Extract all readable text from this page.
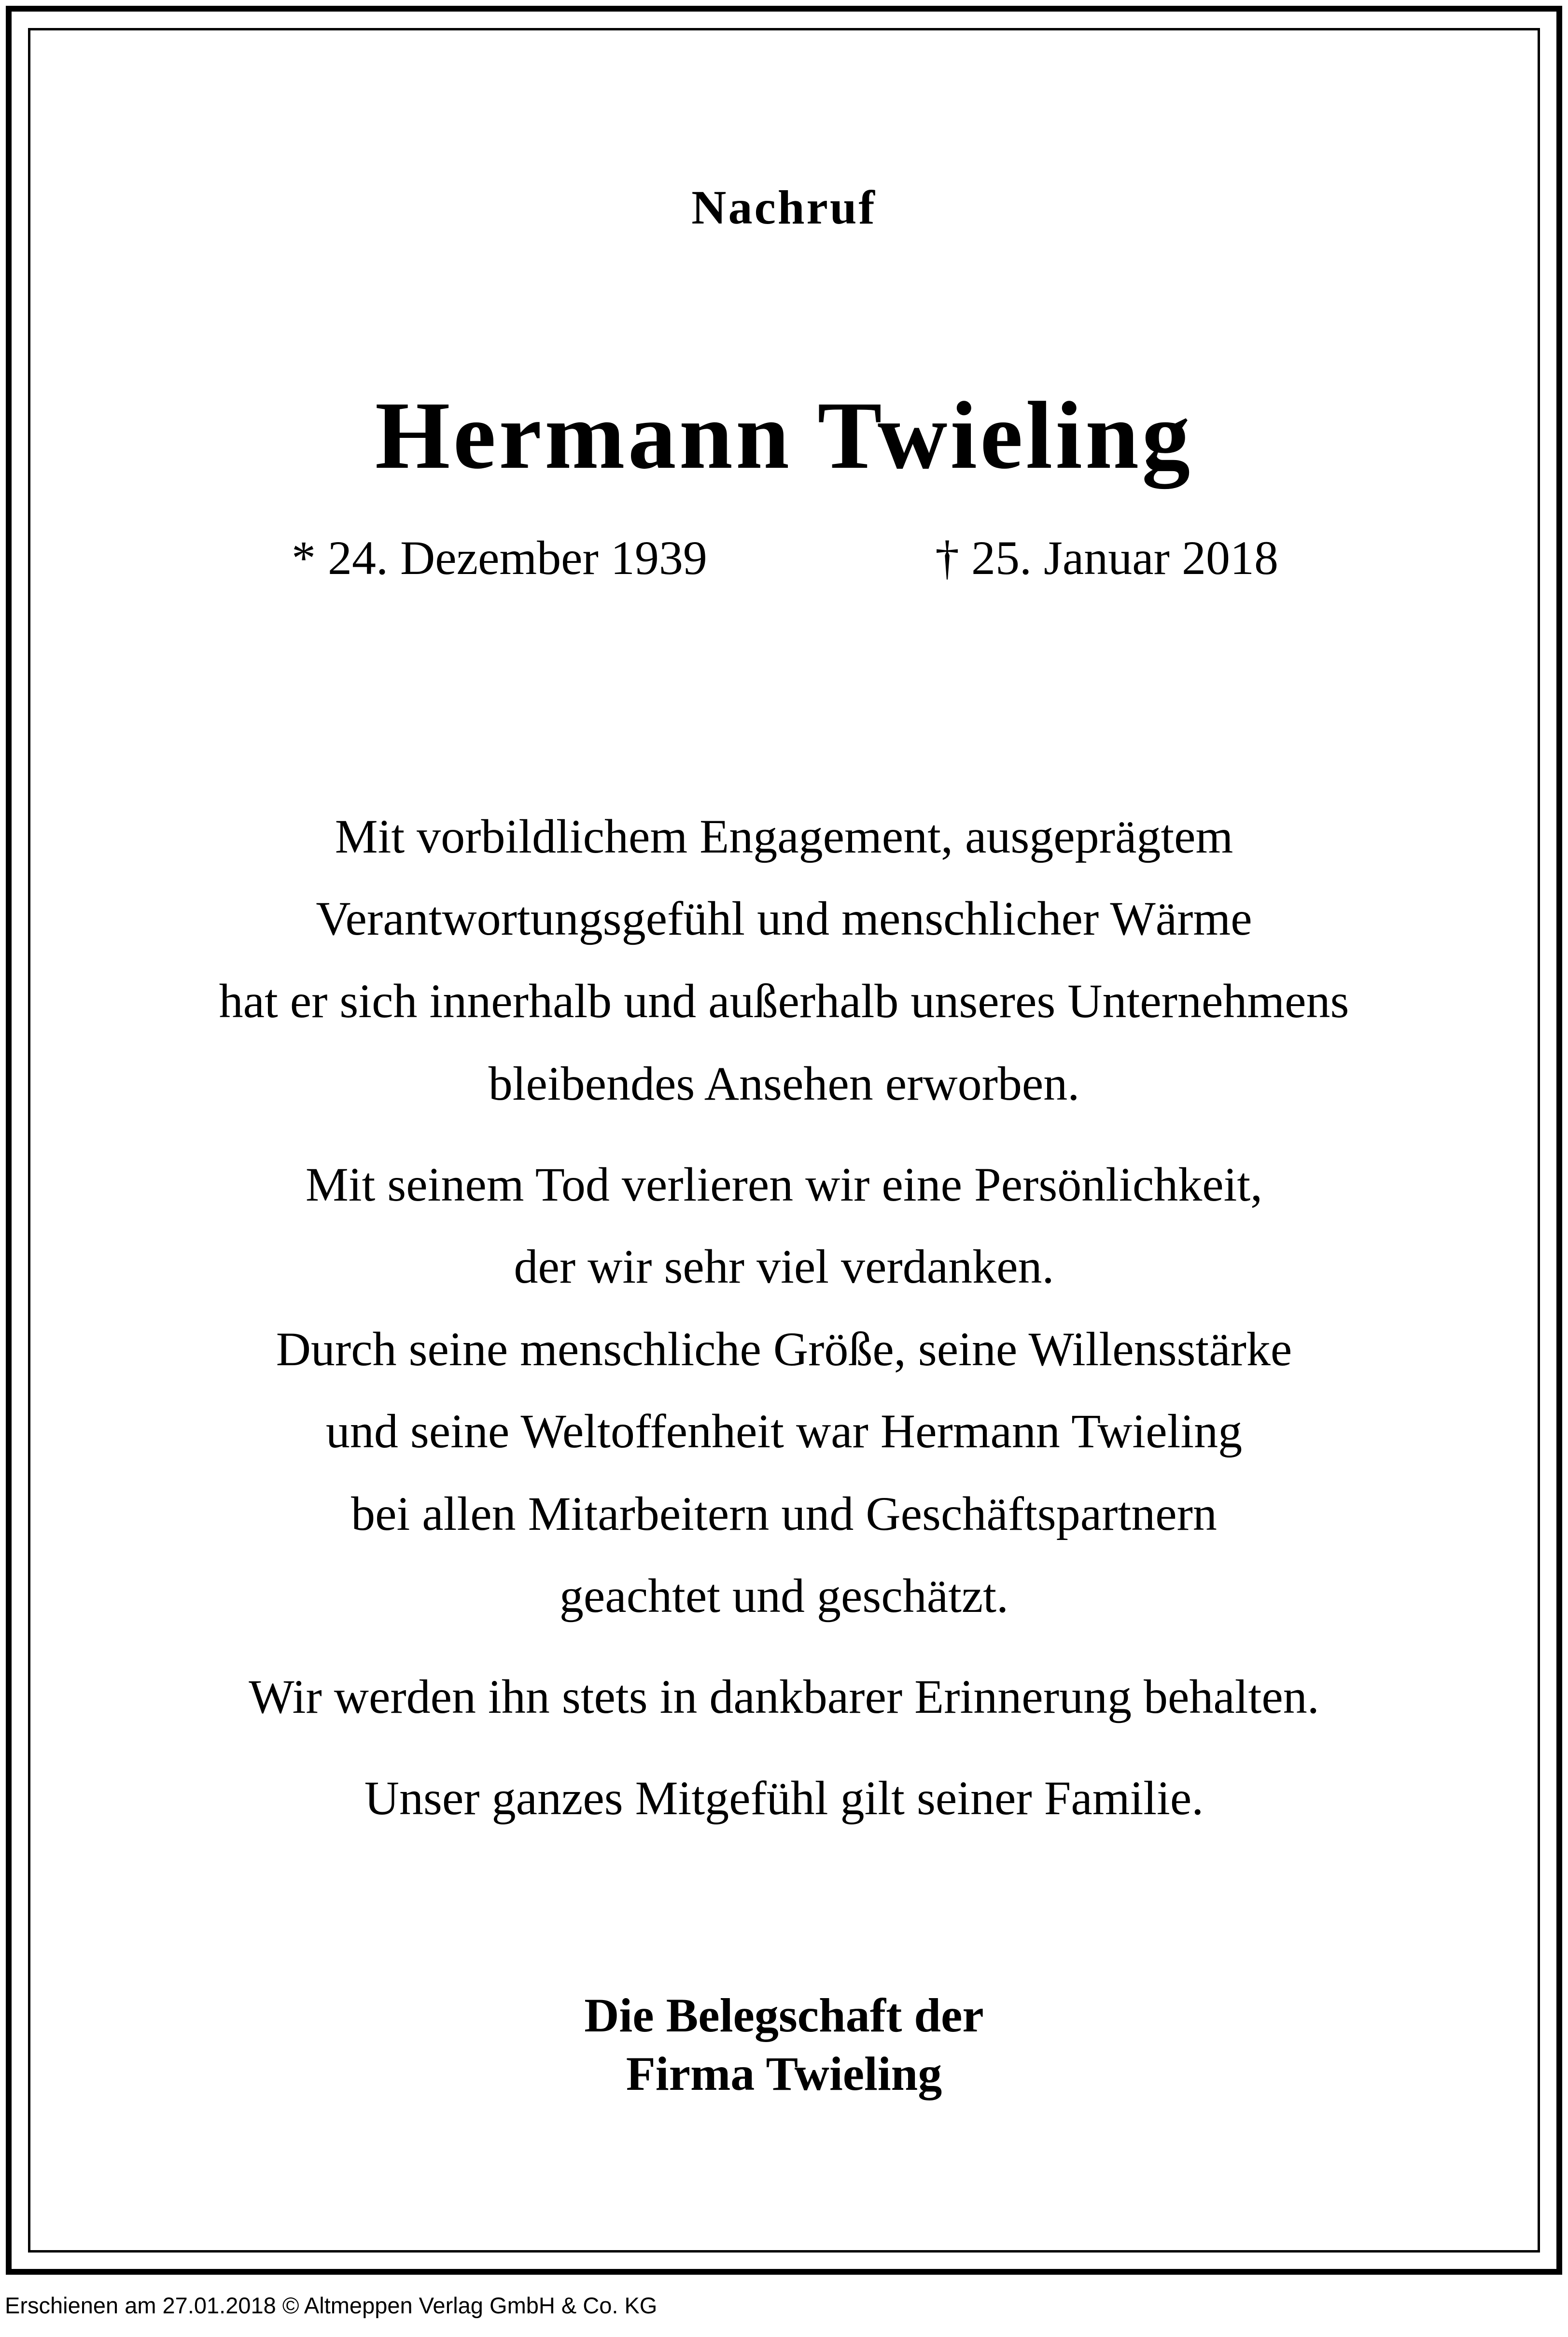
Nachruf
Hermann Twieling
* 24. Dezember 1939	† 25. Januar 2018
Mit vorbildlichem Engagement, ausgeprägtem
Verantwortungsgefühl und menschlicher Wärme
hat er sich innerhalb und außerhalb unseres Unternehmens
bleibendes Ansehen erworben.
Mit seinem Tod verlieren wir eine Persönlichkeit,
der wir sehr viel verdanken.
Durch seine menschliche Größe, seine Willensstärke
und seine Weltoffenheit war Hermann Twieling
bei allen Mitarbeitern und Geschäftspartnern
geachtet und geschätzt.
Wir werden ihn stets in dankbarer Erinnerung behalten.
Unser ganzes Mitgefühl gilt seiner Familie.
Die Belegschaft der
Firma Twieling
Erschienen am 27.01.2018 © Altmeppen Verlag GmbH & Co. KG
